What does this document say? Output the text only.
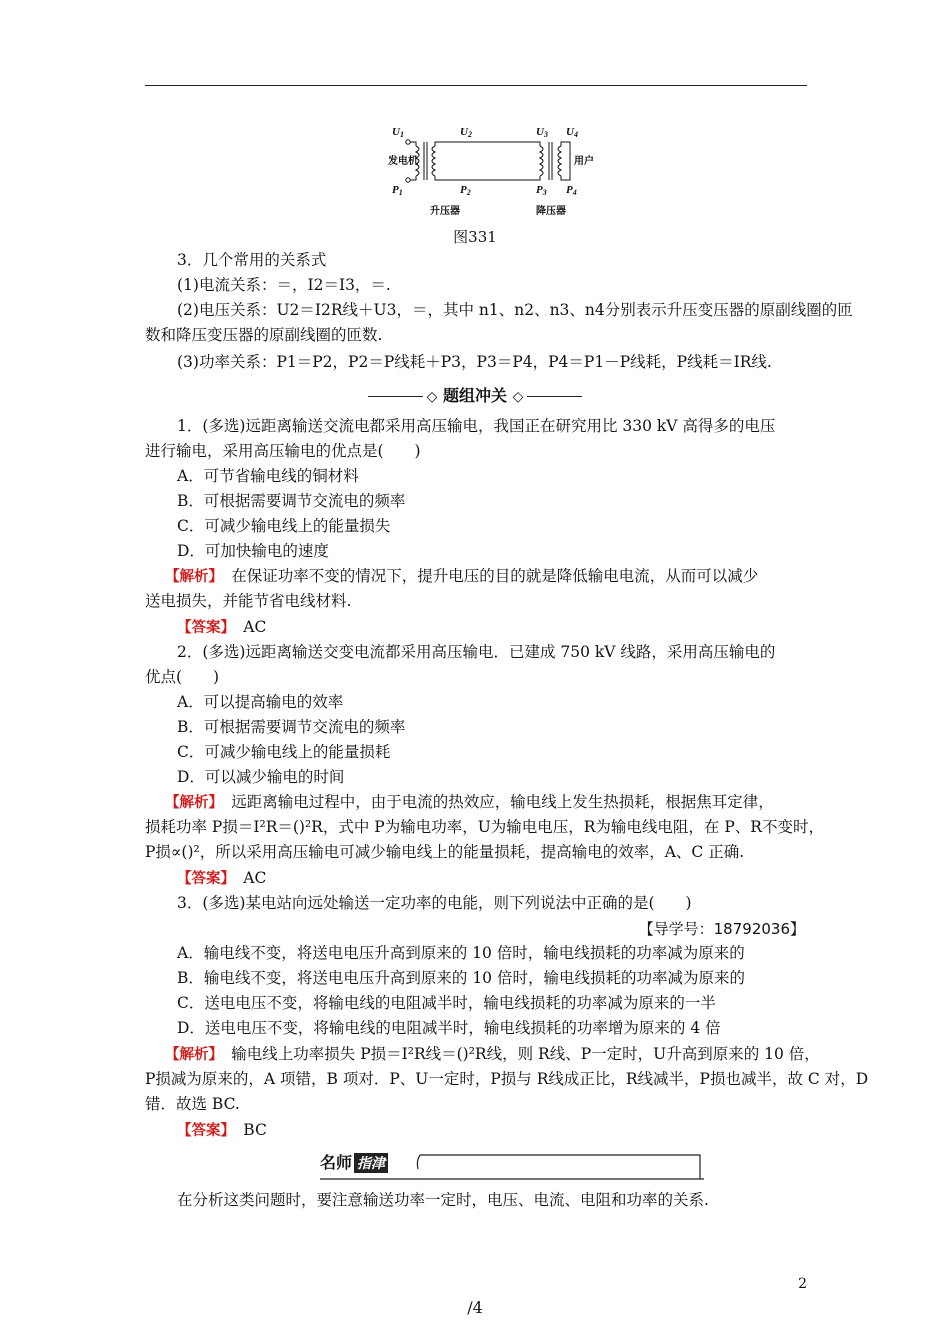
U1	U2	U3 U4
P1	P2	P3 P4
发电机	用户
升压器	降压器
图331
3．几个常用的关系式
(1)电流关系：＝，I2＝I3，＝.
(2)电压关系：U2＝I2R线＋U3，＝，其中 n1、n2、n3、n4分别表示升压变压器的原副线圈的匝
数和降压变压器的原副线圈的匝数.
(3)功率关系：P1＝P2，P2＝P线耗＋P3，P3＝P4，P4＝P1－P线耗，P线耗＝IR线.
◇ 题组冲关 ◇
1．(多选)远距离输送交流电都采用高压输电，我国正在研究用比 330 kV 高得多的电压
进行输电，采用高压输电的优点是(　　)
A．可节省输电线的铜材料
B．可根据需要调节交流电的频率
C．可减少输电线上的能量损失
D．可加快输电的速度
【解析】　 在保证功率不变的情况下，提升电压的目的就是降低输电电流，从而可以减少
送电损失，并能节省电线材料.
【答案】　 AC
2．(多选)远距离输送交变电流都采用高压输电．已建成 750 kV 线路，采用高压输电的
优点(　　)
A．可以提高输电的效率
B．可根据需要调节交流电的频率
C．可减少输电线上的能量损耗
D．可以减少输电的时间
【解析】　 远距离输电过程中，由于电流的热效应，输电线上发生热损耗，根据焦耳定律，
损耗功率 P损＝I²R＝()²R，式中 P为输电功率，U为输电电压，R为输电线电阻，在 P、R不变时，
P损∝()²，所以采用高压输电可减少输电线上的能量损耗，提高输电的效率，A、C 正确.
【答案】　 AC
3．(多选)某电站向远处输送一定功率的电能，则下列说法中正确的是(　　)
【导学号：18792036】
A．输电线不变，将送电电压升高到原来的 10 倍时，输电线损耗的功率减为原来的
B．输电线不变，将送电电压升高到原来的 10 倍时，输电线损耗的功率减为原来的
C．送电电压不变，将输电线的电阻减半时，输电线损耗的功率减为原来的一半
D．送电电压不变，将输电线的电阻减半时，输电线损耗的功率增为原来的 4 倍
【解析】　 输电线上功率损失 P损＝I²R线＝()²R线，则 R线、P一定时，U升高到原来的 10 倍，
P损减为原来的，A 项错，B 项对．P、U一定时，P损与 R线成正比，R线减半，P损也减半，故 C 对，D
错．故选 BC.
【答案】　 BC
名师 指津
在分析这类问题时，要注意输送功率一定时，电压、电流、电阻和功率的关系.
2
/4
